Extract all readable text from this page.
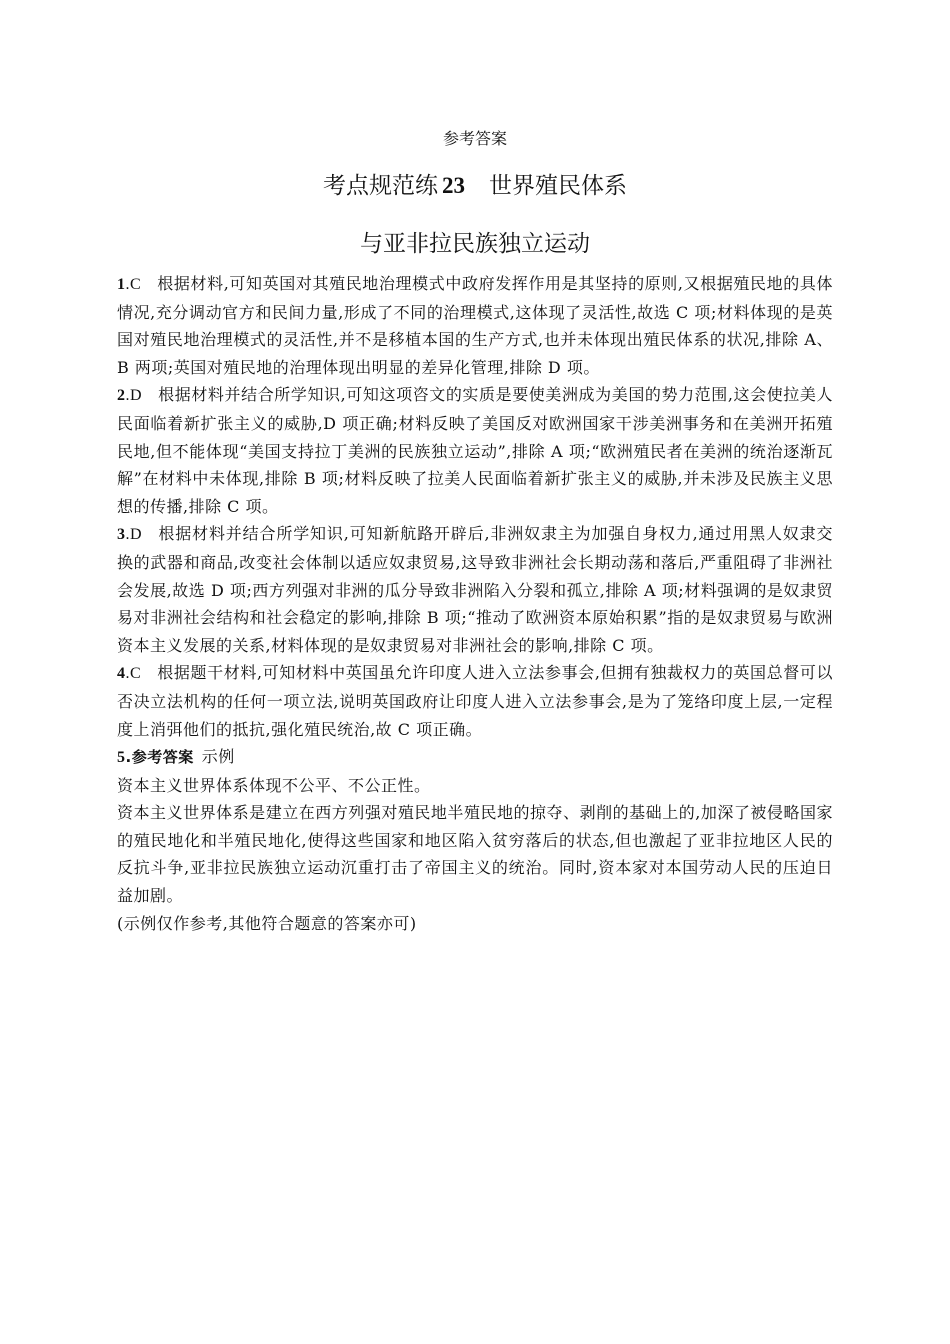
参考答案
考点规范练 23 世界殖民体系
与亚非拉民族独立运动

1.C 根据材料,可知英国对其殖民地治理模式中政府发挥作用是其坚持的原则,又根据殖民地的具体情况,充分调动官方和民间力量,形成了不同的治理模式,这体现了灵活性,故选 C 项;材料体现的是英国对殖民地治理模式的灵活性,并不是移植本国的生产方式,也并未体现出殖民体系的状况,排除 A、B 两项;英国对殖民地的治理体现出明显的差异化管理,排除 D 项。

2.D 根据材料并结合所学知识,可知这项咨文的实质是要使美洲成为美国的势力范围,这会使拉美人民面临着新扩张主义的威胁,D 项正确;材料反映了美国反对欧洲国家干涉美洲事务和在美洲开拓殖民地,但不能体现“美国支持拉丁美洲的民族独立运动”,排除 A 项;“欧洲殖民者在美洲的统治逐渐瓦解”在材料中未体现,排除 B 项;材料反映了拉美人民面临着新扩张主义的威胁,并未涉及民族主义思想的传播,排除 C 项。

3.D 根据材料并结合所学知识,可知新航路开辟后,非洲奴隶主为加强自身权力,通过用黑人奴隶交换的武器和商品,改变社会体制以适应奴隶贸易,这导致非洲社会长期动荡和落后,严重阻碍了非洲社会发展,故选 D 项;西方列强对非洲的瓜分导致非洲陷入分裂和孤立,排除 A 项;材料强调的是奴隶贸易对非洲社会结构和社会稳定的影响,排除 B 项;“推动了欧洲资本原始积累”指的是奴隶贸易与欧洲资本主义发展的关系,材料体现的是奴隶贸易对非洲社会的影响,排除 C 项。

4.C 根据题干材料,可知材料中英国虽允许印度人进入立法参事会,但拥有独裁权力的英国总督可以否决立法机构的任何一项立法,说明英国政府让印度人进入立法参事会,是为了笼络印度上层,一定程度上消弭他们的抵抗,强化殖民统治,故 C 项正确。

5.参考答案 示例

资本主义世界体系体现不公平、不公正性。

资本主义世界体系是建立在西方列强对殖民地半殖民地的掠夺、剥削的基础上的,加深了被侵略国家的殖民地化和半殖民地化,使得这些国家和地区陷入贫穷落后的状态,但也激起了亚非拉地区人民的反抗斗争,亚非拉民族独立运动沉重打击了帝国主义的统治。同时,资本家对本国劳动人民的压迫日益加剧。

(示例仅作参考,其他符合题意的答案亦可)
